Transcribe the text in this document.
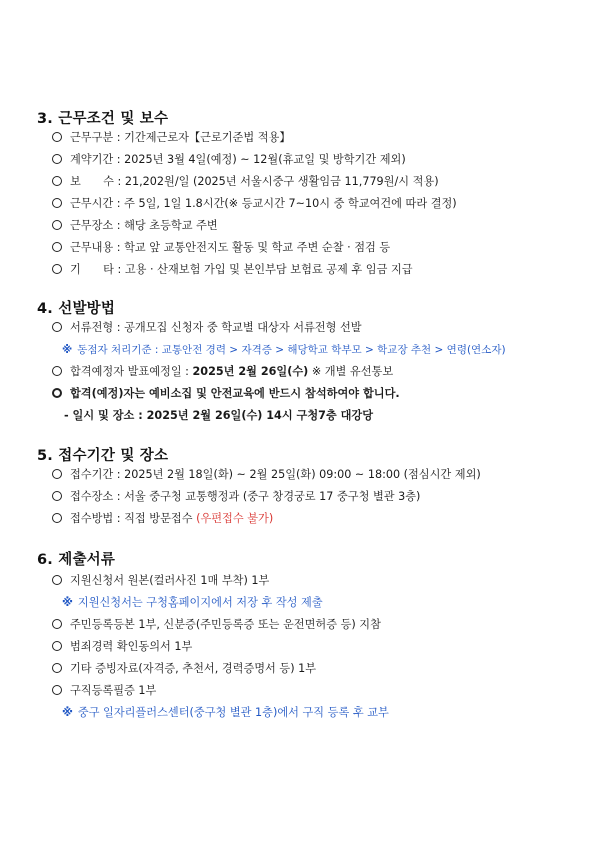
3. 근무조건 및 보수
근무구분 : 기간제근로자【근로기준법 적용】
계약기간 : 2025년 3월 4일(예정) ~ 12월(휴교일 및 방학기간 제외)
보　　수 : 21,202원/일 (2025년 서울시중구 생활임금 11,779원/시 적용)
근무시간 : 주 5일, 1일 1.8시간(※ 등교시간 7~10시 중 학교여건에 따라 결정)
근무장소 : 해당 초등학교 주변
근무내용 : 학교 앞 교통안전지도 활동 및 학교 주변 순찰 · 점검 등
기　　타 : 고용 · 산재보험 가입 및 본인부담 보험료 공제 후 임금 지급
4. 선발방법
서류전형 : 공개모집 신청자 중 학교별 대상자 서류전형 선발
※ 동점자 처리기준 : 교통안전 경력 > 자격증 > 해당학교 학부모 > 학교장 추천 > 연령(연소자)
합격예정자 발표예정일 : 2025년 2월 26일(수) ※ 개별 유선통보
합격(예정)자는 예비소집 및 안전교육에 반드시 참석하여야 합니다.
- 일시 및 장소 : 2025년 2월 26일(수) 14시 구청7층 대강당
5. 접수기간 및 장소
접수기간 : 2025년 2월 18일(화) ~ 2월 25일(화) 09:00 ~ 18:00 (점심시간 제외)
접수장소 : 서울 중구청 교통행정과 (중구 창경궁로 17 중구청 별관 3층)
접수방법 : 직접 방문접수 (우편접수 불가)
6. 제출서류
지원신청서 원본(컬러사진 1매 부착) 1부
※ 지원신청서는 구청홈페이지에서 저장 후 작성 제출
주민등록등본 1부, 신분증(주민등록증 또는 운전면허증 등) 지참
범죄경력 확인동의서 1부
기타 증빙자료(자격증, 추천서, 경력증명서 등) 1부
구직등록필증 1부
※ 중구 일자리플러스센터(중구청 별관 1층)에서 구직 등록 후 교부
